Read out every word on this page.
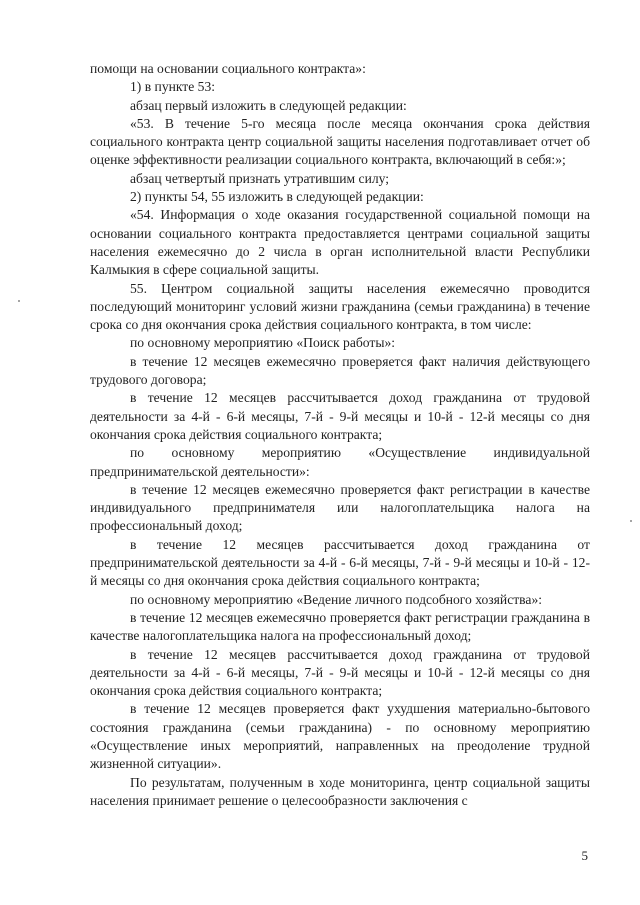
помощи на основании социального контракта»:

1) в пункте 53:

абзац первый изложить в следующей редакции:

«53. В течение 5-го месяца после месяца окончания срока действия социального контракта центр социальной защиты населения подготавливает отчет об оценке эффективности реализации социального контракта, включающий в себя:»;

абзац четвертый признать утратившим силу;

2) пункты 54, 55 изложить в следующей редакции:

«54. Информация о ходе оказания государственной социальной помощи на основании социального контракта предоставляется центрами социальной защиты населения ежемесячно до 2 числа в орган исполнительной власти Республики Калмыкия в сфере социальной защиты.

55. Центром социальной защиты населения ежемесячно проводится последующий мониторинг условий жизни гражданина (семьи гражданина) в течение срока со дня окончания срока действия социального контракта, в том числе:

по основному мероприятию «Поиск работы»:

в течение 12 месяцев ежемесячно проверяется факт наличия действующего трудового договора;

в течение 12 месяцев рассчитывается доход гражданина от трудовой деятельности за 4-й - 6-й месяцы, 7-й - 9-й месяцы и 10-й - 12-й месяцы со дня окончания срока действия социального контракта;

по основному мероприятию «Осуществление индивидуальной предпринимательской деятельности»:

в течение 12 месяцев ежемесячно проверяется факт регистрации в качестве индивидуального предпринимателя или налогоплательщика налога на профессиональный доход;

в течение 12 месяцев рассчитывается доход гражданина от предпринимательской деятельности за 4-й - 6-й месяцы, 7-й - 9-й месяцы и 10-й - 12-й месяцы со дня окончания срока действия социального контракта;

по основному мероприятию «Ведение личного подсобного хозяйства»:

в течение 12 месяцев ежемесячно проверяется факт регистрации гражданина в качестве налогоплательщика налога на профессиональный доход;

в течение 12 месяцев рассчитывается доход гражданина от трудовой деятельности за 4-й - 6-й месяцы, 7-й - 9-й месяцы и 10-й - 12-й месяцы со дня окончания срока действия социального контракта;

в течение 12 месяцев проверяется факт ухудшения материально-бытового состояния гражданина (семьи гражданина) - по основному мероприятию «Осуществление иных мероприятий, направленных на преодоление трудной жизненной ситуации».

По результатам, полученным в ходе мониторинга, центр социальной защиты населения принимает решение о целесообразности заключения с

5
